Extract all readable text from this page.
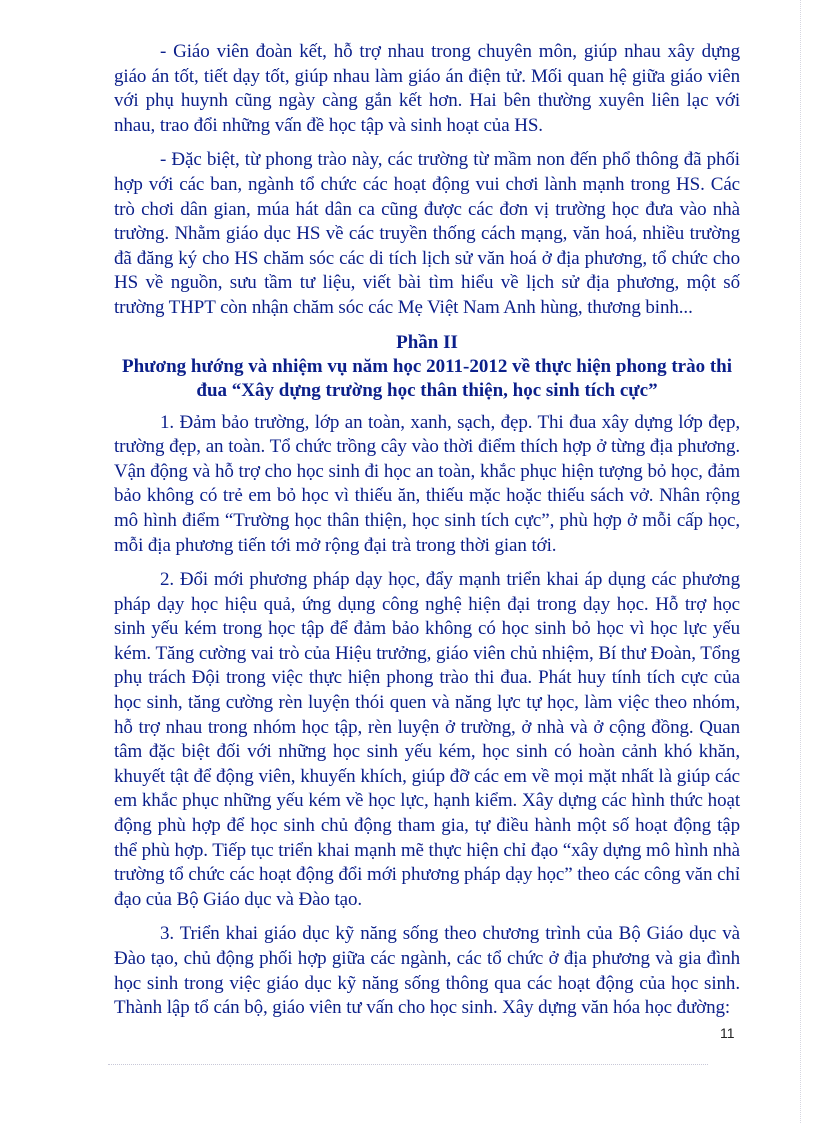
- Giáo viên đoàn kết, hỗ trợ nhau trong chuyên môn, giúp nhau xây dựng giáo án tốt, tiết dạy tốt, giúp nhau làm giáo án điện tử. Mối quan hệ giữa giáo viên với phụ huynh cũng ngày càng gắn kết hơn. Hai bên thường xuyên liên lạc với nhau, trao đổi những vấn đề học tập và sinh hoạt của HS.

- Đặc biệt, từ phong trào này, các trường từ mầm non đến phổ thông đã phối hợp với các ban, ngành tổ chức các hoạt động vui chơi lành mạnh trong HS. Các trò chơi dân gian, múa hát dân ca cũng được các đơn vị trường học đưa vào nhà trường. Nhằm giáo dục HS về các truyền thống cách mạng, văn hoá, nhiều trường đã đăng ký cho HS chăm sóc các di tích lịch sử văn hoá ở địa phương, tổ chức cho HS về nguồn, sưu tầm tư liệu, viết bài tìm hiểu về lịch sử địa phương, một số trường THPT còn nhận chăm sóc các Mẹ Việt Nam Anh hùng, thương binh...

Phần II

Phương hướng và nhiệm vụ năm học 2011-2012 về thực hiện phong trào thi đua “Xây dựng trường học thân thiện, học sinh tích cực”

1. Đảm bảo trường, lớp an toàn, xanh, sạch, đẹp. Thi đua xây dựng lớp đẹp, trường đẹp, an toàn. Tổ chức trồng cây vào thời điểm thích hợp ở từng địa phương. Vận động và hỗ trợ cho học sinh đi học an toàn, khắc phục hiện tượng bỏ học, đảm bảo không có trẻ em bỏ học vì thiếu ăn, thiếu mặc hoặc thiếu sách vở. Nhân rộng mô hình điểm “Trường học thân thiện, học sinh tích cực”, phù hợp ở mỗi cấp học, mỗi địa phương tiến tới mở rộng đại trà trong thời gian tới.

2. Đổi mới phương pháp dạy học, đẩy mạnh triển khai áp dụng các phương pháp dạy học hiệu quả, ứng dụng công nghệ hiện đại trong dạy học. Hỗ trợ học sinh yếu kém trong học tập để đảm bảo không có học sinh bỏ học vì học lực yếu kém. Tăng cường vai trò của Hiệu trưởng, giáo viên chủ nhiệm, Bí thư Đoàn, Tổng phụ trách Đội trong việc thực hiện phong trào thi đua. Phát huy tính tích cực của học sinh, tăng cường rèn luyện thói quen và năng lực tự học, làm việc theo nhóm, hỗ trợ nhau trong nhóm học tập, rèn luyện ở trường, ở nhà và ở cộng đồng. Quan tâm đặc biệt đối với những học sinh yếu kém, học sinh có hoàn cảnh khó khăn, khuyết tật để động viên, khuyến khích, giúp đỡ các em về mọi mặt nhất là giúp các em khắc phục những yếu kém về học lực, hạnh kiểm. Xây dựng các hình thức hoạt động phù hợp để học sinh chủ động tham gia, tự điều hành một số hoạt động tập thể phù hợp. Tiếp tục triển khai mạnh mẽ thực hiện chỉ đạo “xây dựng mô hình nhà trường tổ chức các hoạt động đổi mới phương pháp dạy học” theo các công văn chỉ đạo của Bộ Giáo dục và Đào tạo.

3. Triển khai giáo dục kỹ năng sống theo chương trình của Bộ Giáo dục và Đào tạo, chủ động phối hợp giữa các ngành, các tổ chức ở địa phương và gia đình học sinh trong việc giáo dục kỹ năng sống thông qua các hoạt động của học sinh. Thành lập tổ cán bộ, giáo viên tư vấn cho học sinh. Xây dựng văn hóa học đường:

11
